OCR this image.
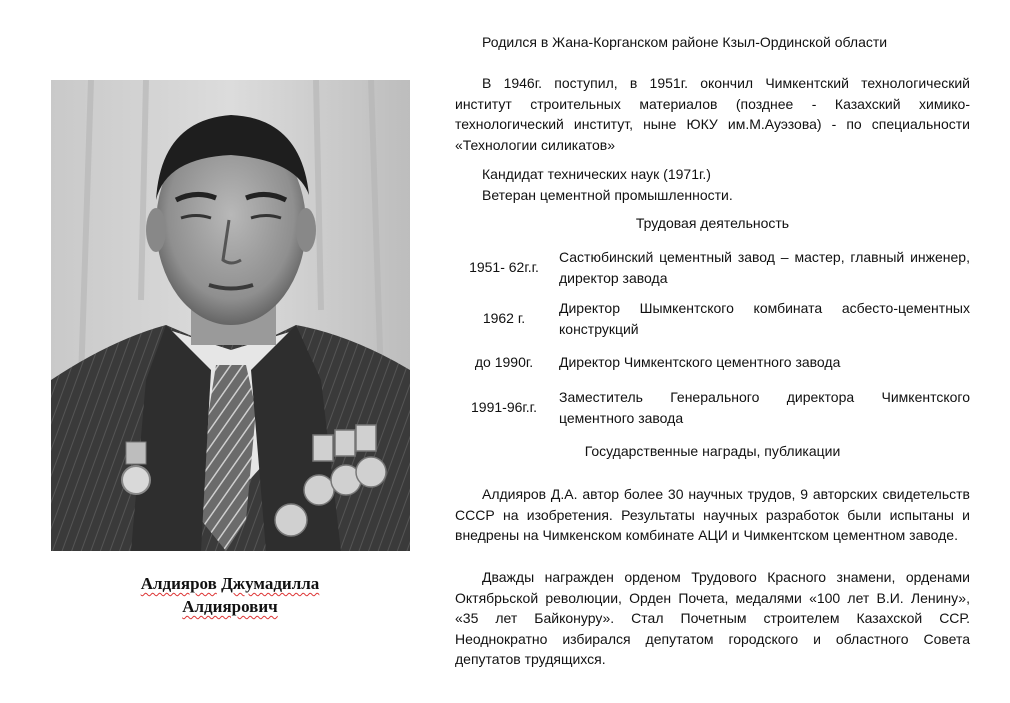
Алдияров Джумадилла
Алдиярович

Родился в Жана-Корганском районе Кзыл-Ординской области

В 1946г. поступил, в 1951г. окончил Чимкентский технологический институт строительных материалов (позднее - Казахский химико-технологический институт, ныне ЮКУ им.М.Ауэзова) - по специальности «Технологии силикатов»

Кандидат технических наук (1971г.)

Ветеран цементной промышленности.

Трудовая деятельность

1951- 62г.г.
Састюбинский цементный завод – мастер, главный инженер, директор завода
1962 г.
Директор Шымкентского комбината асбесто-цементных конструкций
до 1990г.	Директор Чимкентского цементного завода
1991-96г.г.
Заместитель Генерального директора Чимкентского цементного завода

Государственные награды, публикации

Алдияров Д.А. автор более 30 научных трудов, 9 авторских свидетельств СССР на изобретения. Результаты научных разработок были испытаны и внедрены на Чимкенском комбинате АЦИ и Чимкентском цементном заводе.

Дважды награжден орденом Трудового Красного знамени, орденами Октябрьской революции, Орден Почета, медалями «100 лет В.И. Ленину», «35 лет Байконуру». Стал Почетным строителем Казахской ССР. Неоднократно избирался депутатом городского и областного Совета депутатов трудящихся.
